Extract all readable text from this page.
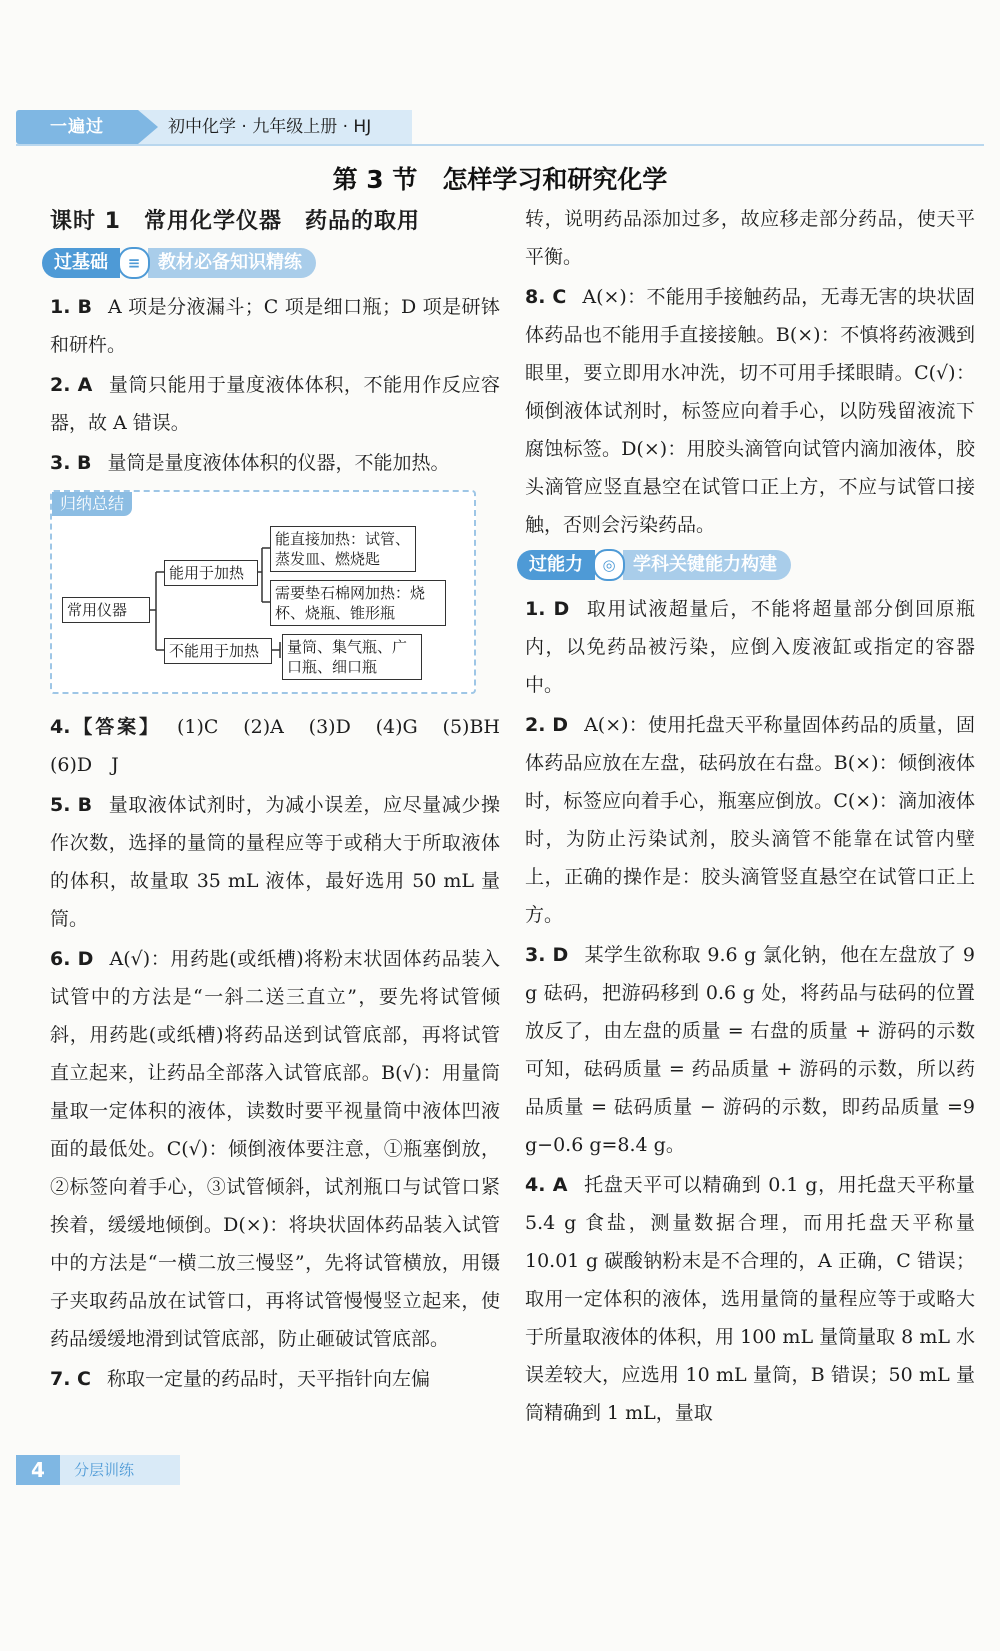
一遍过	初中化学 · 九年级上册 · HJ
第 3 节　怎样学习和研究化学
课时 1　常用化学仪器　药品的取用
过基础	≡ 教材必备知识精练
1. B A 项是分液漏斗；C 项是细口瓶；D 项是研钵和研杵。
2. A 量筒只能用于量度液体体积，不能用作反应容器，故 A 错误。
3. B 量筒是量度液体体积的仪器，不能加热。
归纳总结
常用仪器
能用于加热
不能用于加热
能直接加热：试管、蒸发皿、燃烧匙
需要垫石棉网加热：烧杯、烧瓶、锥形瓶
量筒、集气瓶、广口瓶、细口瓶
4.【答案】 (1)C　(2)A　(3)D　(4)G　(5)BH　(6)D　J
5. B 量取液体试剂时，为减小误差，应尽量减少操作次数，选择的量筒的量程应等于或稍大于所取液体的体积，故量取 35 mL 液体，最好选用 50 mL 量筒。
6. D A(√)：用药匙(或纸槽)将粉末状固体药品装入试管中的方法是“一斜二送三直立”，要先将试管倾斜，用药匙(或纸槽)将药品送到试管底部，再将试管直立起来，让药品全部落入试管底部。B(√)：用量筒量取一定体积的液体，读数时要平视量筒中液体凹液面的最低处。C(√)：倾倒液体要注意，①瓶塞倒放，②标签向着手心，③试管倾斜，试剂瓶口与试管口紧挨着，缓缓地倾倒。D(×)：将块状固体药品装入试管中的方法是“一横二放三慢竖”，先将试管横放，用镊子夹取药品放在试管口，再将试管慢慢竖立起来，使药品缓缓地滑到试管底部，防止砸破试管底部。
7. C 称取一定量的药品时，天平指针向左偏
转，说明药品添加过多，故应移走部分药品，使天平平衡。
8. C A(×)：不能用手接触药品，无毒无害的块状固体药品也不能用手直接接触。B(×)：不慎将药液溅到眼里，要立即用水冲洗，切不可用手揉眼睛。C(√)：倾倒液体试剂时，标签应向着手心，以防残留液流下腐蚀标签。D(×)：用胶头滴管向试管内滴加液体，胶头滴管应竖直悬空在试管口正上方，不应与试管口接触，否则会污染药品。
过能力	◎ 学科关键能力构建
1. D 取用试液超量后，不能将超量部分倒回原瓶内，以免药品被污染，应倒入废液缸或指定的容器中。
2. D A(×)：使用托盘天平称量固体药品的质量，固体药品应放在左盘，砝码放在右盘。B(×)：倾倒液体时，标签应向着手心，瓶塞应倒放。C(×)：滴加液体时，为防止污染试剂，胶头滴管不能靠在试管内壁上，正确的操作是：胶头滴管竖直悬空在试管口正上方。
3. D 某学生欲称取 9.6 g 氯化钠，他在左盘放了 9 g 砝码，把游码移到 0.6 g 处，将药品与砝码的位置放反了，由左盘的质量 = 右盘的质量 + 游码的示数可知，砝码质量 = 药品质量 + 游码的示数，所以药品质量 = 砝码质量 − 游码的示数，即药品质量 =9 g−0.6 g=8.4 g。
4. A 托盘天平可以精确到 0.1 g，用托盘天平称量 5.4 g 食盐，测量数据合理，而用托盘天平称量 10.01 g 碳酸钠粉末是不合理的，A 正确，C 错误；取用一定体积的液体，选用量筒的量程应等于或略大于所量取液体的体积，用 100 mL 量筒量取 8 mL 水误差较大，应选用 10 mL 量筒，B 错误；50 mL 量筒精确到 1 mL，量取
4	分层训练
